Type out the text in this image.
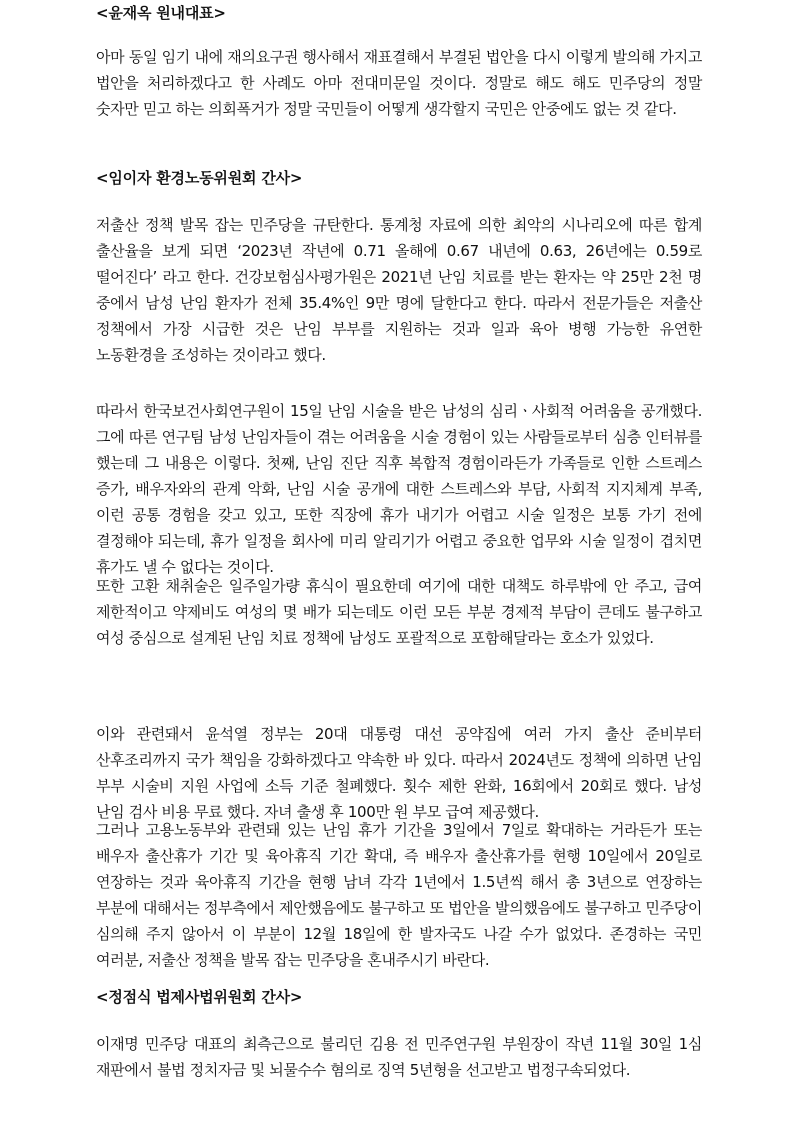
<윤재옥 원내대표>

아마 동일 임기 내에 재의요구권 행사해서 재표결해서 부결된 법안을 다시 이렇게 발의해 가지고 법안을 처리하겠다고 한 사례도 아마 전대미문일 것이다. 정말로 해도 해도 민주당의 정말 숫자만 믿고 하는 의회폭거가 정말 국민들이 어떻게 생각할지 국민은 안중에도 없는 것 같다.

<임이자 환경노동위원회 간사>

저출산 정책 발목 잡는 민주당을 규탄한다. 통계청 자료에 의한 최악의 시나리오에 따른 합계 출산율을 보게 되면 ‘2023년 작년에 0.71 올해에 0.67 내년에 0.63, 26년에는 0.59로 떨어진다’ 라고 한다. 건강보험심사평가원은 2021년 난임 치료를 받는 환자는 약 25만 2천 명 중에서 남성 난임 환자가 전체 35.4%인 9만 명에 달한다고 한다. 따라서 전문가들은 저출산 정책에서 가장 시급한 것은 난임 부부를 지원하는 것과 일과 육아 병행 가능한 유연한 노동환경을 조성하는 것이라고 했다.

따라서 한국보건사회연구원이 15일 난임 시술을 받은 남성의 심리ㆍ사회적 어려움을 공개했다. 그에 따른 연구팀 남성 난임자들이 겪는 어려움을 시술 경험이 있는 사람들로부터 심층 인터뷰를 했는데 그 내용은 이렇다. 첫째, 난임 진단 직후 복합적 경험이라든가 가족들로 인한 스트레스 증가, 배우자와의 관계 악화, 난임 시술 공개에 대한 스트레스와 부담, 사회적 지지체계 부족, 이런 공통 경험을 갖고 있고, 또한 직장에 휴가 내기가 어렵고 시술 일정은 보통 가기 전에 결정해야 되는데, 휴가 일정을 회사에 미리 알리기가 어렵고 중요한 업무와 시술 일정이 겹치면 휴가도 낼 수 없다는 것이다.

또한 고환 채취술은 일주일가량 휴식이 필요한데 여기에 대한 대책도 하루밖에 안 주고, 급여 제한적이고 약제비도 여성의 몇 배가 되는데도 이런 모든 부분 경제적 부담이 큰데도 불구하고 여성 중심으로 설계된 난임 치료 정책에 남성도 포괄적으로 포함해달라는 호소가 있었다.

이와 관련돼서 윤석열 정부는 20대 대통령 대선 공약집에 여러 가지 출산 준비부터 산후조리까지 국가 책임을 강화하겠다고 약속한 바 있다. 따라서 2024년도 정책에 의하면 난임 부부 시술비 지원 사업에 소득 기준 철폐했다. 횟수 제한 완화, 16회에서 20회로 했다. 남성 난임 검사 비용 무료 했다. 자녀 출생 후 100만 원 부모 급여 제공했다.

그러나 고용노동부와 관련돼 있는 난임 휴가 기간을 3일에서 7일로 확대하는 거라든가 또는 배우자 출산휴가 기간 및 육아휴직 기간 확대, 즉 배우자 출산휴가를 현행 10일에서 20일로 연장하는 것과 육아휴직 기간을 현행 남녀 각각 1년에서 1.5년씩 해서 총 3년으로 연장하는 부분에 대해서는 정부측에서 제안했음에도 불구하고 또 법안을 발의했음에도 불구하고 민주당이 심의해 주지 않아서 이 부분이 12월 18일에 한 발자국도 나갈 수가 없었다. 존경하는 국민 여러분, 저출산 정책을 발목 잡는 민주당을 혼내주시기 바란다.

<정점식 법제사법위원회 간사>

이재명 민주당 대표의 최측근으로 불리던 김용 전 민주연구원 부원장이 작년 11월 30일 1심 재판에서 불법 정치자금 및 뇌물수수 혐의로 징역 5년형을 선고받고 법정구속되었다.
